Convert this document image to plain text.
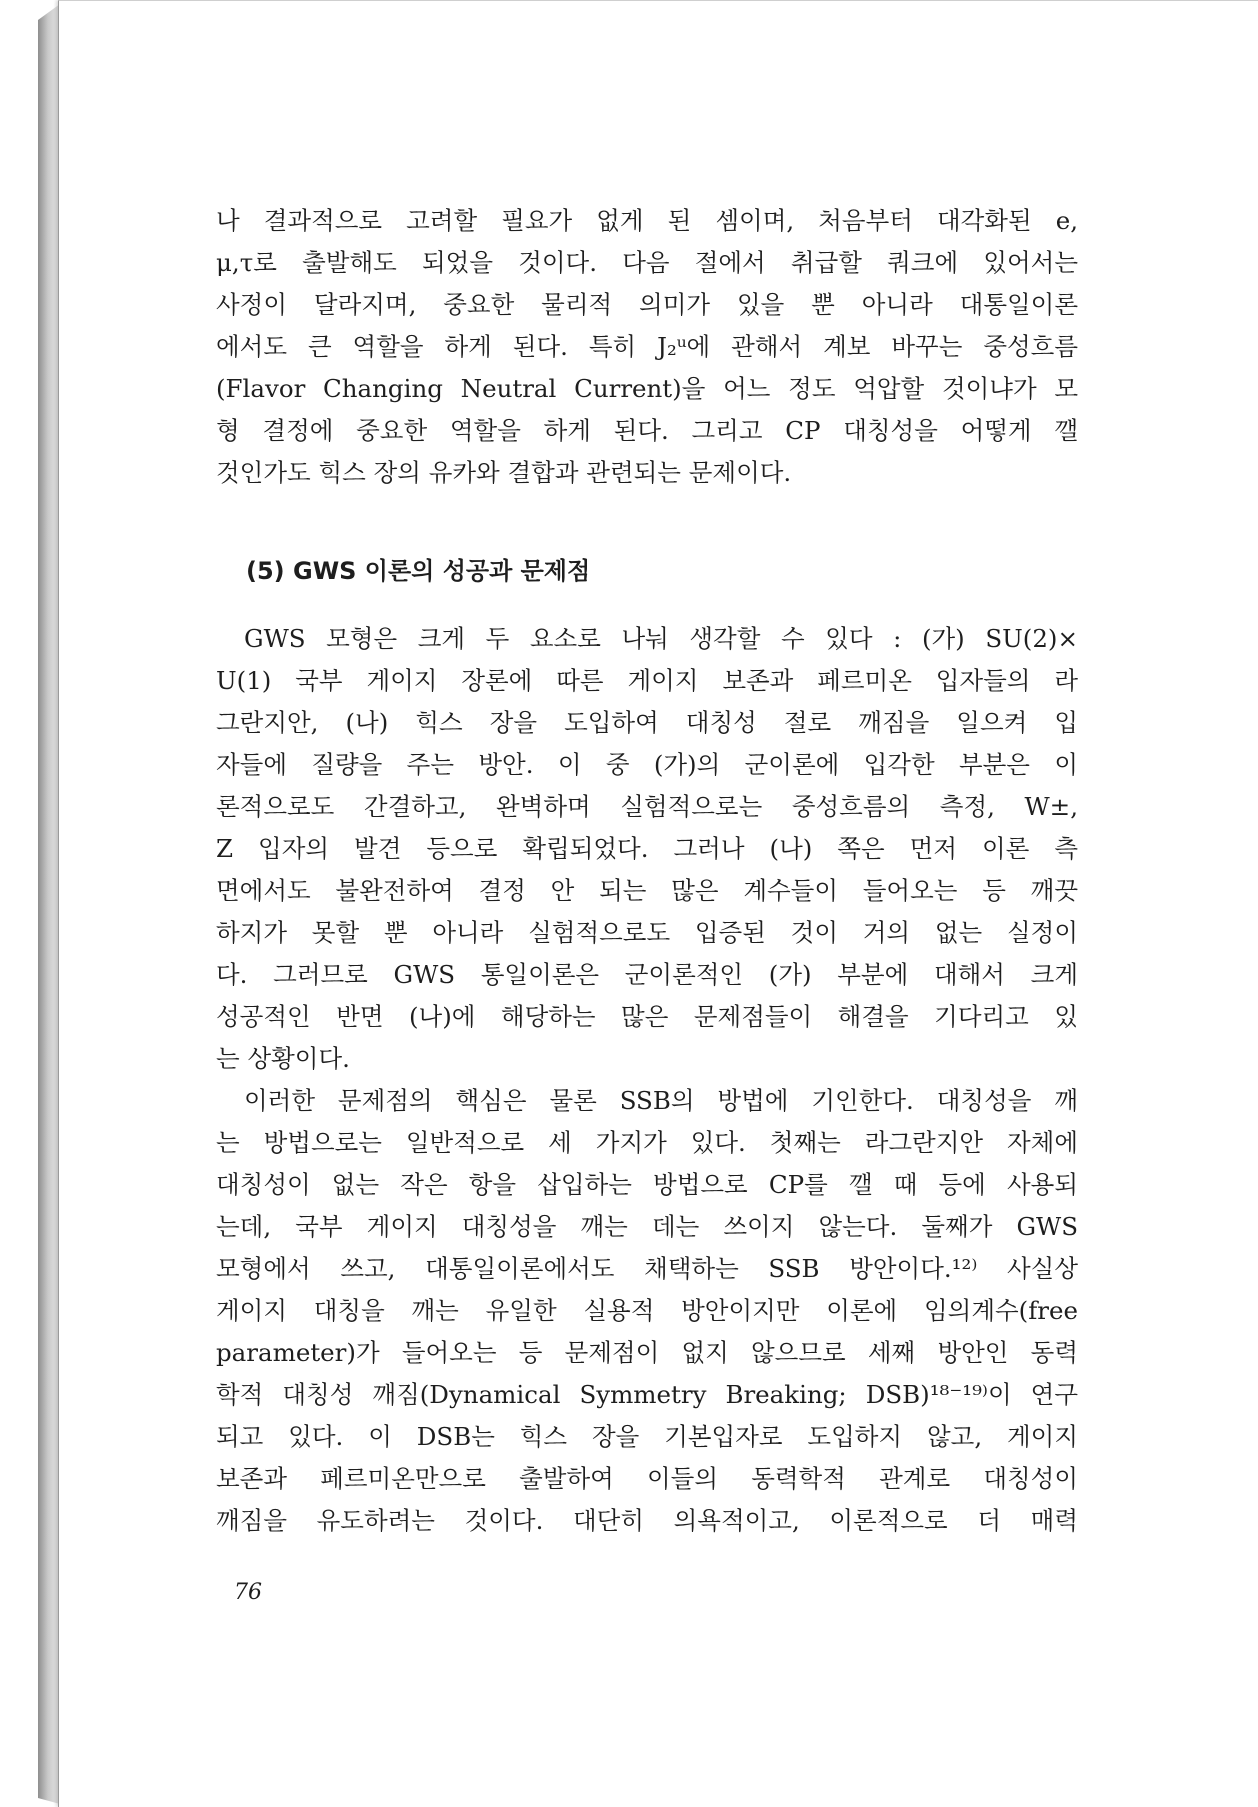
나 결과적으로 고려할 필요가 없게 된 셈이며, 처음부터 대각화된 e,
μ,τ로 출발해도 되었을 것이다. 다음 절에서 취급할 쿼크에 있어서는
사정이 달라지며, 중요한 물리적 의미가 있을 뿐 아니라 대통일이론
에서도 큰 역할을 하게 된다. 특히 J₂ᵘ에 관해서 계보 바꾸는 중성흐름
(Flavor Changing Neutral Current)을 어느 정도 억압할 것이냐가 모
형 결정에 중요한 역할을 하게 된다. 그리고 CP 대칭성을 어떻게 깰
것인가도 힉스 장의 유카와 결합과 관련되는 문제이다.
GWS 모형은 크게 두 요소로 나눠 생각할 수 있다 : (가) SU(2)×
U(1) 국부 게이지 장론에 따른 게이지 보존과 페르미온 입자들의 라
그란지안, (나) 힉스 장을 도입하여 대칭성 절로 깨짐을 일으켜 입
자들에 질량을 주는 방안. 이 중 (가)의 군이론에 입각한 부분은 이
론적으로도 간결하고, 완벽하며 실험적으로는 중성흐름의 측정, W±,
Z 입자의 발견 등으로 확립되었다. 그러나 (나) 쪽은 먼저 이론 측
면에서도 불완전하여 결정 안 되는 많은 계수들이 들어오는 등 깨끗
하지가 못할 뿐 아니라 실험적으로도 입증된 것이 거의 없는 실정이
다. 그러므로 GWS 통일이론은 군이론적인 (가) 부분에 대해서 크게
성공적인 반면 (나)에 해당하는 많은 문제점들이 해결을 기다리고 있
는 상황이다.
이러한 문제점의 핵심은 물론 SSB의 방법에 기인한다. 대칭성을 깨
는 방법으로는 일반적으로 세 가지가 있다. 첫째는 라그란지안 자체에
대칭성이 없는 작은 항을 삽입하는 방법으로 CP를 깰 때 등에 사용되
는데, 국부 게이지 대칭성을 깨는 데는 쓰이지 않는다. 둘째가 GWS
모형에서 쓰고, 대통일이론에서도 채택하는 SSB 방안이다.¹²⁾ 사실상
게이지 대칭을 깨는 유일한 실용적 방안이지만 이론에 임의계수(free
parameter)가 들어오는 등 문제점이 없지 않으므로 세째 방안인 동력
학적 대칭성 깨짐(Dynamical Symmetry Breaking; DSB)¹⁸⁻¹⁹⁾이 연구
되고 있다. 이 DSB는 힉스 장을 기본입자로 도입하지 않고, 게이지
보존과 페르미온만으로 출발하여 이들의 동력학적 관계로 대칭성이
깨짐을 유도하려는 것이다. 대단히 의욕적이고, 이론적으로 더 매력
(5) GWS 이론의 성공과 문제점
76
